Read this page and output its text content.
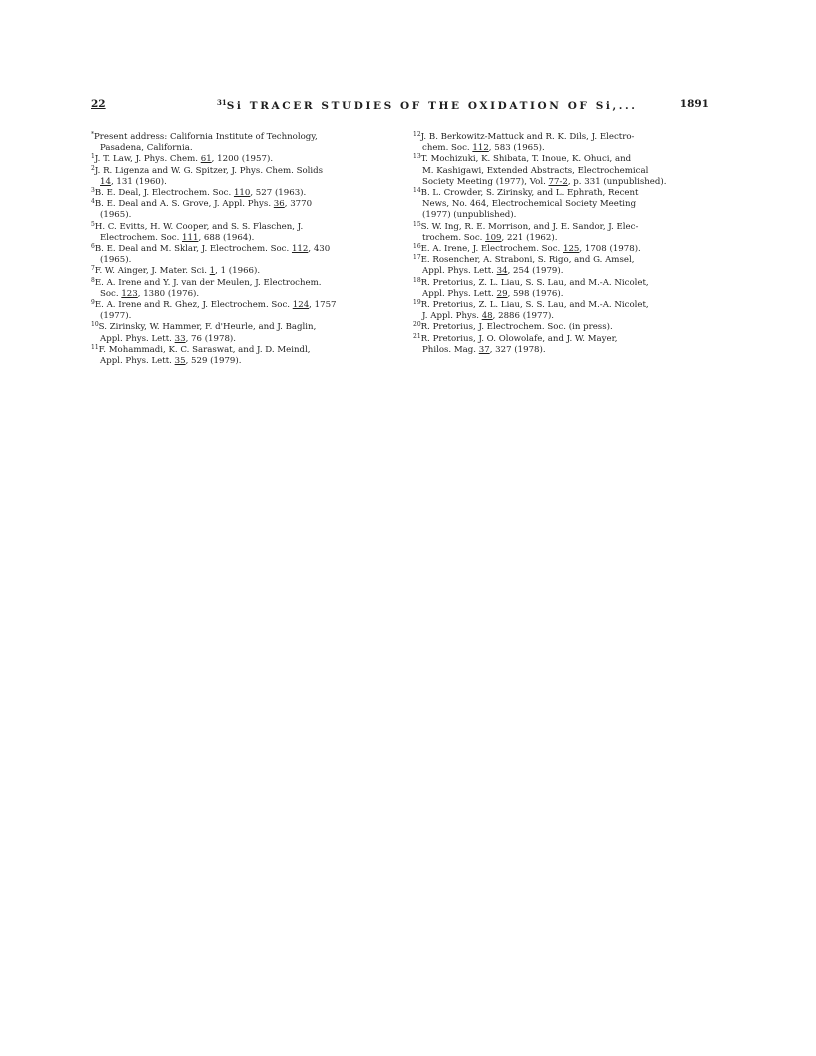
22	$^{31}$Si TRACER STUDIES OF THE OXIDATION OF Si,...	1891
*Present address: California Institute of Technology,
Pasadena, California.
$^1$J. T. Law, J. Phys. Chem. 61, 1200 (1957).
$^2$J. R. Ligenza and W. G. Spitzer, J. Phys. Chem. Solids
14, 131 (1960).
$^3$B. E. Deal, J. Electrochem. Soc. 110, 527 (1963).
$^4$B. E. Deal and A. S. Grove, J. Appl. Phys. 36, 3770
(1965).
$^5$H. C. Evitts, H. W. Cooper, and S. S. Flaschen, J.
Electrochem. Soc. 111, 688 (1964).
$^6$B. E. Deal and M. Sklar, J. Electrochem. Soc. 112, 430
(1965).
$^7$F. W. Ainger, J. Mater. Sci. 1, 1 (1966).
$^8$E. A. Irene and Y. J. van der Meulen, J. Electrochem.
Soc. 123, 1380 (1976).
$^9$E. A. Irene and R. Ghez, J. Electrochem. Soc. 124, 1757
(1977).
$^{10}$S. Zirinsky, W. Hammer, F. d'Heurle, and J. Baglin,
Appl. Phys. Lett. 33, 76 (1978).
$^{11}$F. Mohammadi, K. C. Saraswat, and J. D. Meindl,
Appl. Phys. Lett. 35, 529 (1979).
$^{12}$J. B. Berkowitz-Mattuck and R. K. Dils, J. Electro-
chem. Soc. 112, 583 (1965).
$^{13}$T. Mochizuki, K. Shibata, T. Inoue, K. Ohuci, and
M. Kashigawi, Extended Abstracts, Electrochemical
Society Meeting (1977), Vol. 77-2, p. 331 (unpublished).
$^{14}$B. L. Crowder, S. Zirinsky, and L. Ephrath, Recent
News, No. 464, Electrochemical Society Meeting
(1977) (unpublished).
$^{15}$S. W. Ing, R. E. Morrison, and J. E. Sandor, J. Elec-
trochem. Soc. 109, 221 (1962).
$^{16}$E. A. Irene, J. Electrochem. Soc. 125, 1708 (1978).
$^{17}$E. Rosencher, A. Straboni, S. Rigo, and G. Amsel,
Appl. Phys. Lett. 34, 254 (1979).
$^{18}$R. Pretorius, Z. L. Liau, S. S. Lau, and M.-A. Nicolet,
Appl. Phys. Lett. 29, 598 (1976).
$^{19}$R. Pretorius, Z. L. Liau, S. S. Lau, and M.-A. Nicolet,
J. Appl. Phys. 48, 2886 (1977).
$^{20}$R. Pretorius, J. Electrochem. Soc. (in press).
$^{21}$R. Pretorius, J. O. Olowolafe, and J. W. Mayer,
Philos. Mag. 37, 327 (1978).
